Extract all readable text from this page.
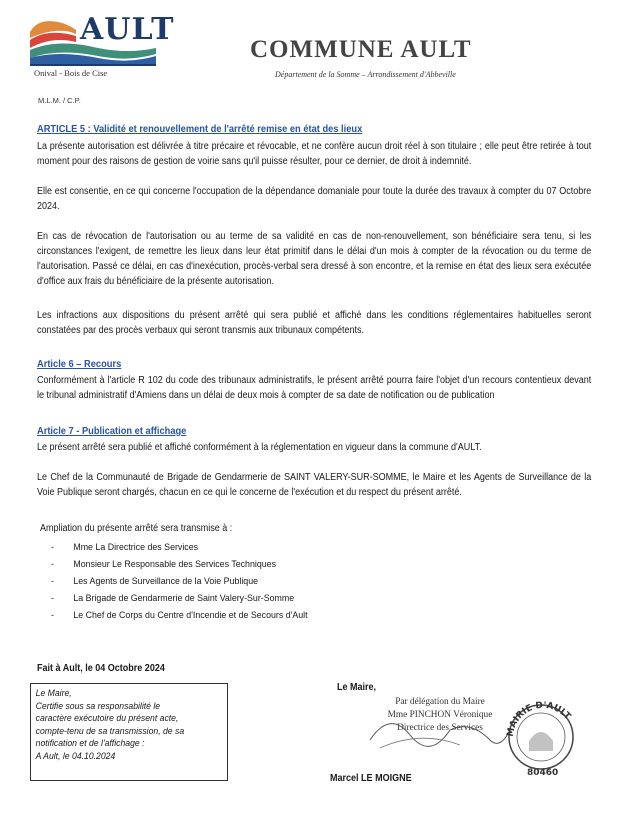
AULT
Onival - Bois de Cise
COMMUNE AULT
Département de la Somme – Arrondissement d'Abbeville
M.L.M. / C.P.
ARTICLE 5 : Validité et renouvellement de l'arrêté remise en état des lieux
La présente autorisation est délivrée à titre précaire et révocable, et ne confère aucun droit réel à son titulaire ; elle peut être retirée à tout moment pour des raisons de gestion de voirie sans qu'il puisse résulter, pour ce dernier, de droit à indemnité.
Elle est consentie, en ce qui concerne l'occupation de la dépendance domaniale pour toute la durée des travaux à compter du 07 Octobre 2024.
En cas de révocation de l'autorisation ou au terme de sa validité en cas de non-renouvellement, son bénéficiaire sera tenu, si les circonstances l'exigent, de remettre les lieux dans leur état primitif dans le délai d'un mois à compter de la révocation ou du terme de l'autorisation. Passé ce délai, en cas d'inexécution, procès-verbal sera dressé à son encontre, et la remise en état des lieux sera exécutée d'office aux frais du bénéficiaire de la présente autorisation.
Les infractions aux dispositions du présent arrêté qui sera publié et affiché dans les conditions réglementaires habituelles seront constatées par des procès verbaux qui seront transmis aux tribunaux compétents.
Article 6 – Recours
Conformément à l'article R 102 du code des tribunaux administratifs, le présent arrêté pourra faire l'objet d'un recours contentieux devant le tribunal administratif d'Amiens dans un délai de deux mois à compter de sa date de notification ou de publication
Article 7 - Publication et affichage
Le présent arrêté sera publié et affiché conformément à la réglementation en vigueur dans la commune d'AULT.
Le Chef de la Communauté de Brigade de Gendarmerie de SAINT VALERY-SUR-SOMME, le Maire et les Agents de Surveillance de la Voie Publique seront chargés, chacun en ce qui le concerne de l'exécution et du respect du présent arrêté.
Ampliation du présente arrêté sera transmise à :
- Mme La Directrice des Services
- Monsieur Le Responsable des Services Techniques
- Les Agents de Surveillance de la Voie Publique
- La Brigade de Gendarmerie de Saint Valery-Sur-Somme
- Le Chef de Corps du Centre d'Incendie et de Secours d'Ault
Fait à Ault, le 04 Octobre 2024
Le Maire,
Le Maire,
Certifie sous sa responsabilité le
caractère exécutoire du présent acte,
compte-tenu de sa transmission, de sa
notification et de l'affichage :
A Ault, le 04.10.2024
Par délégation du Maire
Mme PINCHON Véronique
Directrice des Services	MAIRIE D'AULT
80460
Marcel LE MOIGNE
